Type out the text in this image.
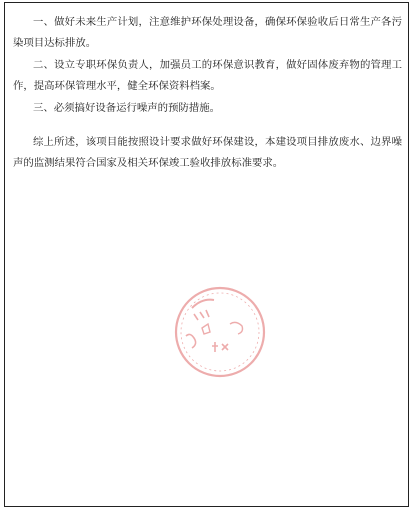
一、做好未来生产计划，注意维护环保处理设备，确保环保验收后日常生产各污染项目达标排放。

二、设立专职环保负责人，加强员工的环保意识教育，做好固体废弃物的管理工作，提高环保管理水平，健全环保资料档案。

三、必须搞好设备运行噪声的预防措施。

综上所述，该项目能按照设计要求做好环保建设，本建设项目排放废水、边界噪声的监测结果符合国家及相关环保竣工验收排放标准要求。
